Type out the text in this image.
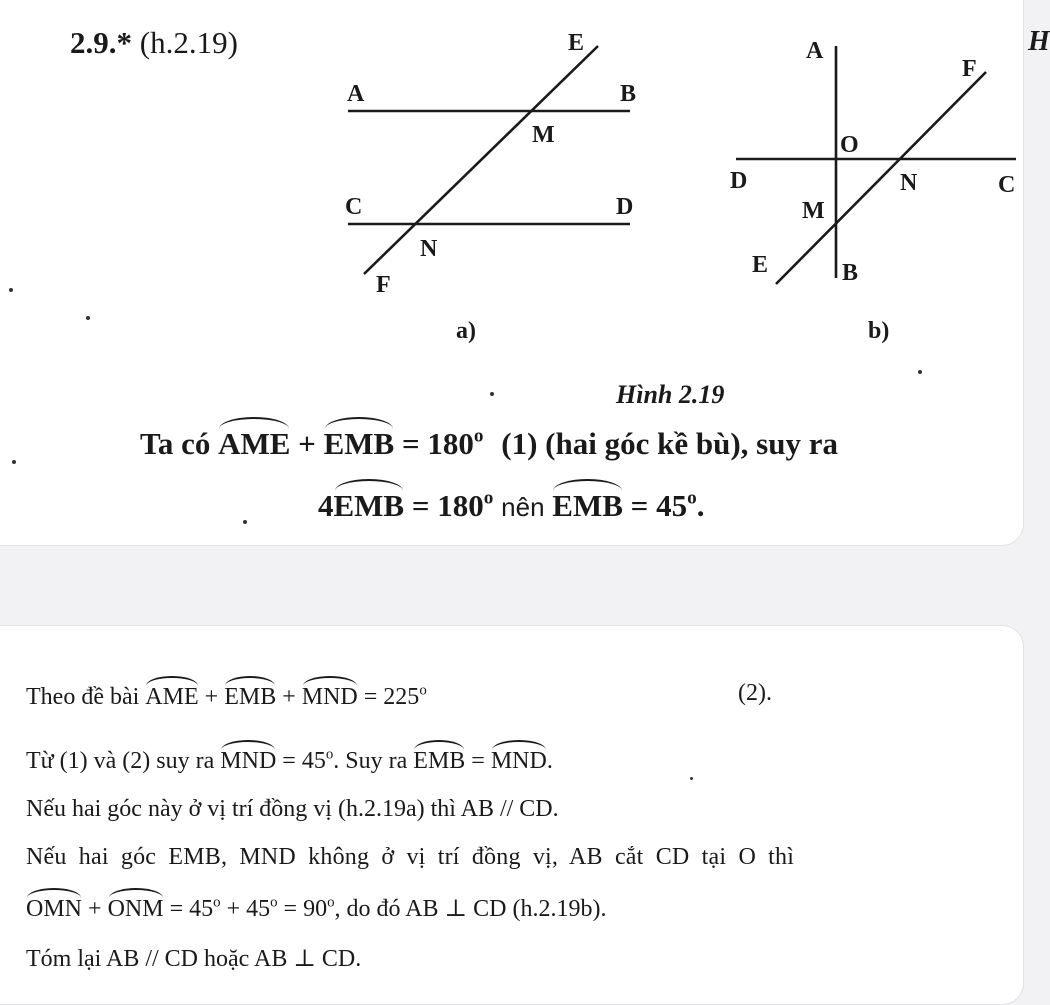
2.9.* (h.2.19)	H
A	B
M
C	D
N
E
F
a)
A
O
D	N	C
M
F
E	B
b)
Hình 2.19
Ta có AME + EMB = $180^o$ (1) (hai góc kề bù), suy ra
$4EMB = 180^o$ nên EMB = $45^o$.
Theo đề bài AME + EMB + MND = $225^o$	(2).
Từ (1) và (2) suy ra MND = $45^o$. Suy ra EMB = MND.
Nếu hai góc này ở vị trí đồng vị (h.2.19a) thì AB // CD.
Nếu hai góc EMB, MND không ở vị trí đồng vị, AB cắt CD tại O thì
OMN + ONM = $45^o + 45^o = 90^o$, do đó AB ⊥ CD (h.2.19b).
Tóm lại AB // CD hoặc AB ⊥ CD.
